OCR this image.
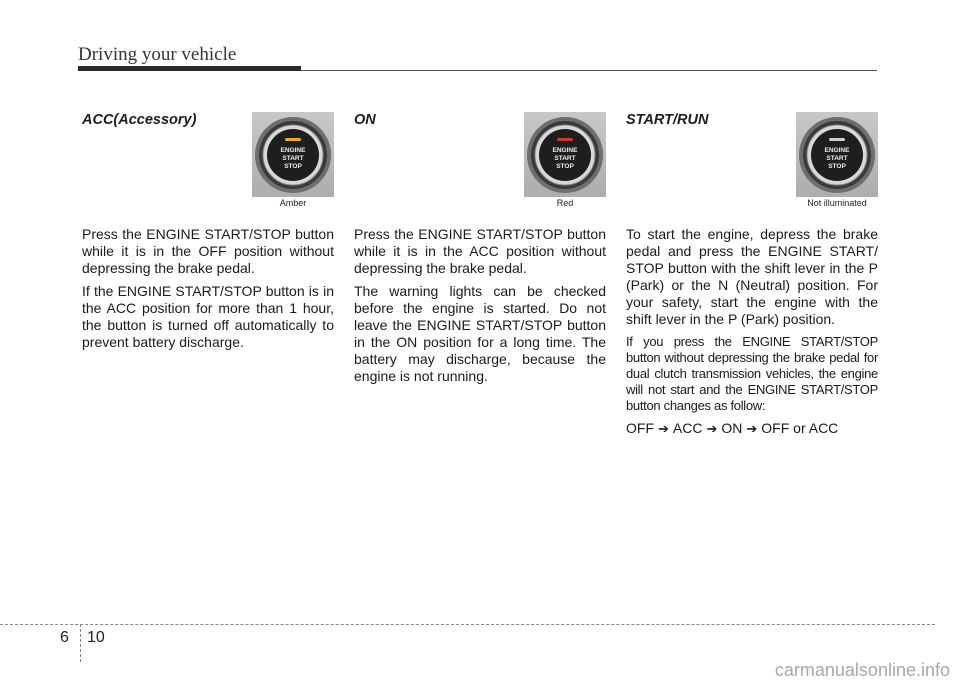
Driving your vehicle
ACC(Accessory)
ENGINE
START
STOP
Amber

Press the ENGINE START/STOP button while it is in the OFF position without depressing the brake pedal.

If the ENGINE START/STOP button is in the ACC position for more than 1 hour, the button is turned off automatically to prevent battery discharge.

ON
ENGINE
START
STOP
Red

Press the ENGINE START/STOP button while it is in the ACC position without depressing the brake pedal.

The warning lights can be checked before the engine is started. Do not leave the ENGINE START/STOP button in the ON position for a long time. The battery may discharge, because the engine is not running.

START/RUN
ENGINE
START
STOP
Not illuminated

To start the engine, depress the brake pedal and press the ENGINE START/ STOP button with the shift lever in the P (Park) or the N (Neutral) position. For your safety, start the engine with the shift lever in the P (Park) position.

If you press the ENGINE START/STOP button without depressing the brake pedal for dual clutch transmission vehicles, the engine will not start and the ENGINE START/STOP button changes as follow:

OFF ➔ ACC ➔ ON ➔ OFF or ACC

6 10
carmanualsonline.info
